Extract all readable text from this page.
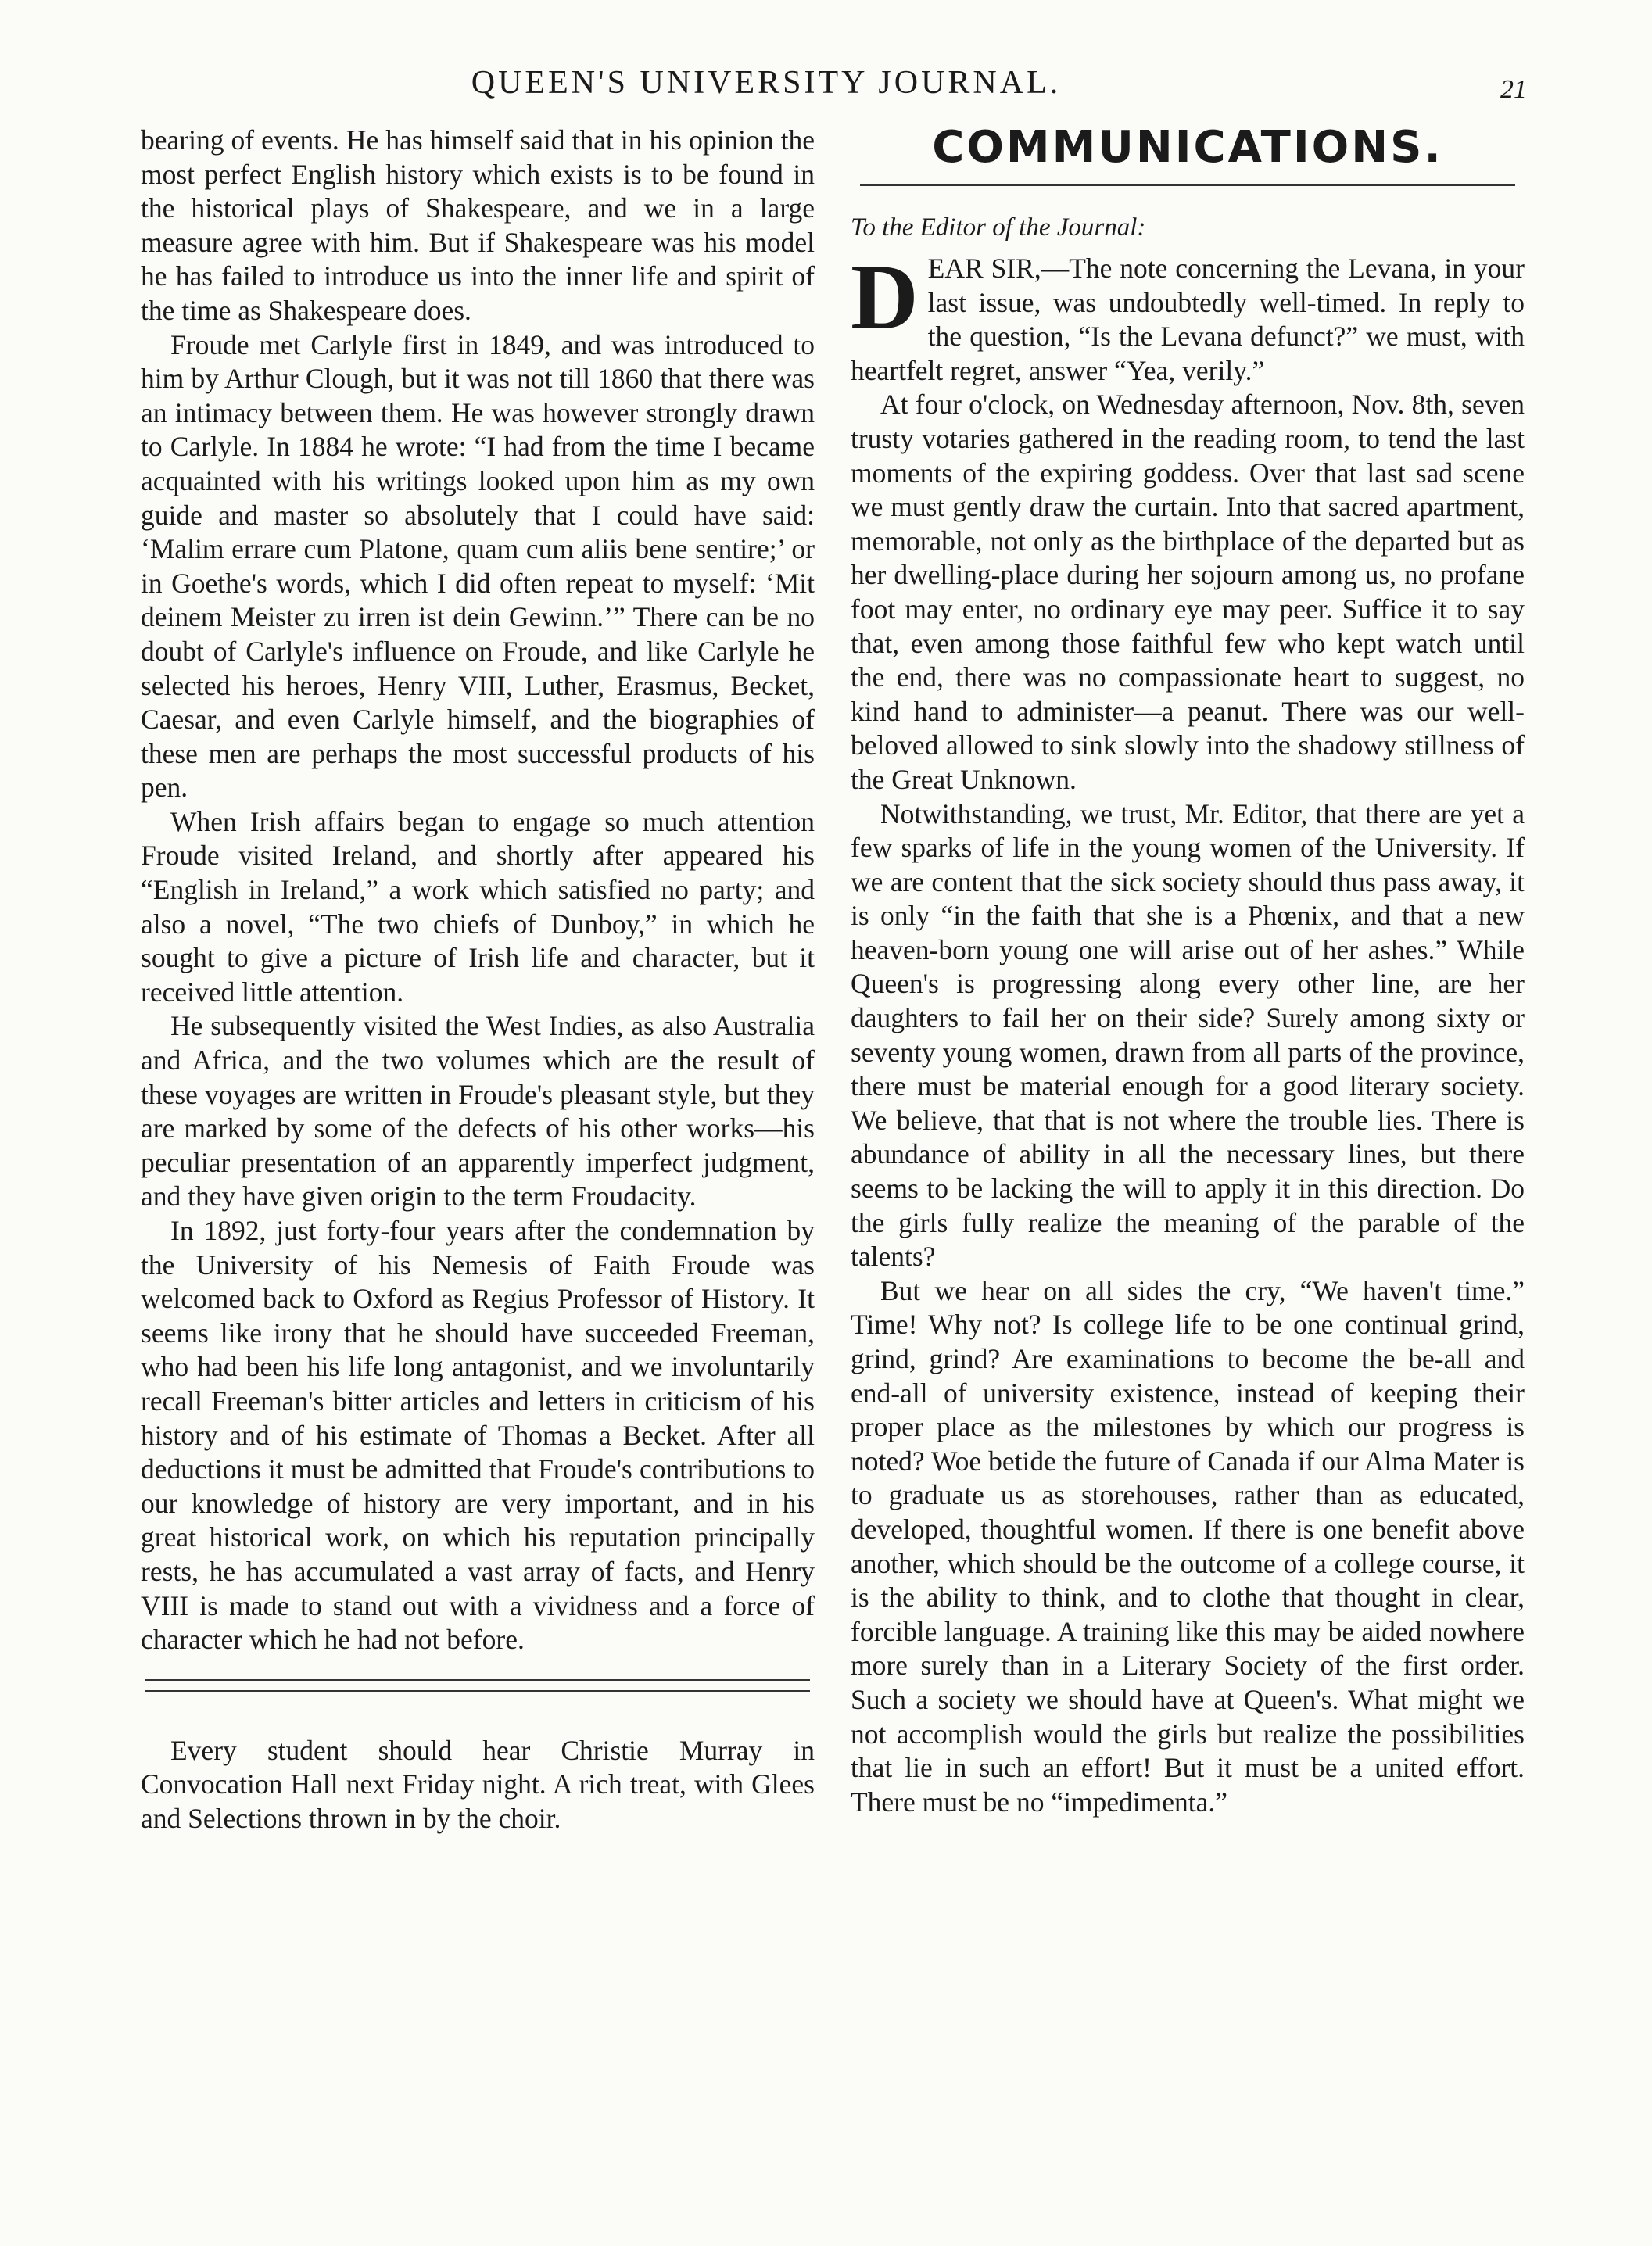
QUEEN'S UNIVERSITY JOURNAL.	21

bearing of events. He has himself said that in his opinion the most perfect English history which exists is to be found in the historical plays of Shakespeare, and we in a large measure agree with him. But if Shakespeare was his model he has failed to introduce us into the inner life and spirit of the time as Shakespeare does.

Froude met Carlyle first in 1849, and was introduced to him by Arthur Clough, but it was not till 1860 that there was an intimacy between them. He was however strongly drawn to Carlyle. In 1884 he wrote: “I had from the time I became acquainted with his writings looked upon him as my own guide and master so absolutely that I could have said: ‘Malim errare cum Platone, quam cum aliis bene sentire;’ or in Goethe's words, which I did often repeat to myself: ‘Mit deinem Meister zu irren ist dein Gewinn.’” There can be no doubt of Carlyle's influence on Froude, and like Carlyle he selected his heroes, Henry VIII, Luther, Erasmus, Becket, Caesar, and even Carlyle himself, and the biographies of these men are perhaps the most successful products of his pen.

When Irish affairs began to engage so much attention Froude visited Ireland, and shortly after appeared his “English in Ireland,” a work which satisfied no party; and also a novel, “The two chiefs of Dunboy,” in which he sought to give a picture of Irish life and character, but it received little attention.

He subsequently visited the West Indies, as also Australia and Africa, and the two volumes which are the result of these voyages are written in Froude's pleasant style, but they are marked by some of the defects of his other works—his peculiar presentation of an apparently imperfect judgment, and they have given origin to the term Froudacity.

In 1892, just forty-four years after the condemnation by the University of his Nemesis of Faith Froude was welcomed back to Oxford as Regius Professor of History. It seems like irony that he should have succeeded Freeman, who had been his life long antagonist, and we involuntarily recall Freeman's bitter articles and letters in criticism of his history and of his estimate of Thomas a Becket. After all deductions it must be admitted that Froude's contributions to our knowledge of history are very important, and in his great historical work, on which his reputation principally rests, he has accumulated a vast array of facts, and Henry VIII is made to stand out with a vividness and a force of character which he had not before.

Every student should hear Christie Murray in Convocation Hall next Friday night. A rich treat, with Glees and Selections thrown in by the choir.

COMMUNICATIONS.
To the Editor of the Journal:

DEAR SIR,—The note concerning the Levana, in your last issue, was undoubtedly well-timed. In reply to the question, “Is the Levana defunct?” we must, with heartfelt regret, answer “Yea, verily.”

At four o'clock, on Wednesday afternoon, Nov. 8th, seven trusty votaries gathered in the reading room, to tend the last moments of the expiring goddess. Over that last sad scene we must gently draw the curtain. Into that sacred apartment, memorable, not only as the birthplace of the departed but as her dwelling-place during her sojourn among us, no profane foot may enter, no ordinary eye may peer. Suffice it to say that, even among those faithful few who kept watch until the end, there was no compassionate heart to suggest, no kind hand to administer—a peanut. There was our well-beloved allowed to sink slowly into the shadowy stillness of the Great Unknown.

Notwithstanding, we trust, Mr. Editor, that there are yet a few sparks of life in the young women of the University. If we are content that the sick society should thus pass away, it is only “in the faith that she is a Phœnix, and that a new heaven-born young one will arise out of her ashes.” While Queen's is progressing along every other line, are her daughters to fail her on their side? Surely among sixty or seventy young women, drawn from all parts of the province, there must be material enough for a good literary society. We believe, that that is not where the trouble lies. There is abundance of ability in all the necessary lines, but there seems to be lacking the will to apply it in this direction. Do the girls fully realize the meaning of the parable of the talents?

But we hear on all sides the cry, “We haven't time.” Time! Why not? Is college life to be one continual grind, grind, grind? Are examinations to become the be-all and end-all of university existence, instead of keeping their proper place as the milestones by which our progress is noted? Woe betide the future of Canada if our Alma Mater is to graduate us as storehouses, rather than as educated, developed, thoughtful women. If there is one benefit above another, which should be the outcome of a college course, it is the ability to think, and to clothe that thought in clear, forcible language. A training like this may be aided nowhere more surely than in a Literary Society of the first order. Such a society we should have at Queen's. What might we not accomplish would the girls but realize the possibilities that lie in such an effort! But it must be a united effort. There must be no “impedimenta.”
